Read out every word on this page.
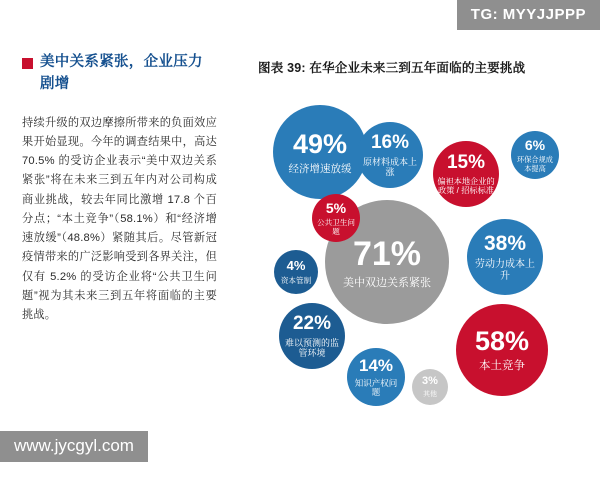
TG: MYYJJPPP
www.jycgyl.com
美中关系紧张，企业压力剧增
持续升级的双边摩擦所带来的负面效应果开始显现。今年的调查结果中，高达 70.5% 的受访企业表示“美中双边关系紧张”将在未来三到五年内对公司构成商业挑战，较去年同比激增 17.8 个百分点；“本土竞争”（58.1%）和“经济增速放缓”（48.8%）紧随其后。尽管新冠疫情带来的广泛影响受到各界关注，但仅有 5.2% 的受访企业将“公共卫生问题”视为其未来三到五年将面临的主要挑战。
图表 39: 在华企业未来三到五年面临的主要挑战
71%
美中双边关系紧张
58%
本土竞争
49%
经济增速放缓
38%
劳动力成本上升
22%
难以预测的监管环境
16%
原材料成本上涨	15%
偏袒本地企业的政策 / 招标标准
14%
知识产权问题
6%
环保合规成本提高
5%
公共卫生问题
4%
资本管制
3%
其他
